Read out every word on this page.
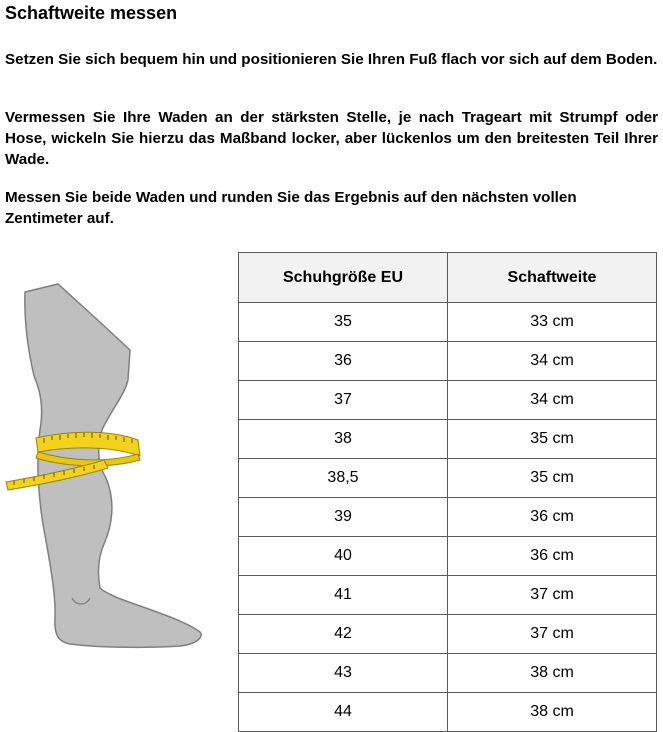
Schaftweite messen

Setzen Sie sich bequem hin und positionieren Sie Ihren Fuß flach vor sich auf dem Boden.

Vermessen Sie Ihre Waden an der stärksten Stelle, je nach Trageart mit Strumpf oder Hose, wickeln Sie hierzu das Maßband locker, aber lückenlos um den breitesten Teil Ihrer Wade.

Messen Sie beide Waden und runden Sie das Ergebnis auf den nächsten vollen Zentimeter auf.

Schuhgröße EU	Schaftweite
35	33 cm
36	34 cm
37	34 cm
38	35 cm
38,5	35 cm
39	36 cm
40	36 cm
41	37 cm
42	37 cm
43	38 cm
44	38 cm
